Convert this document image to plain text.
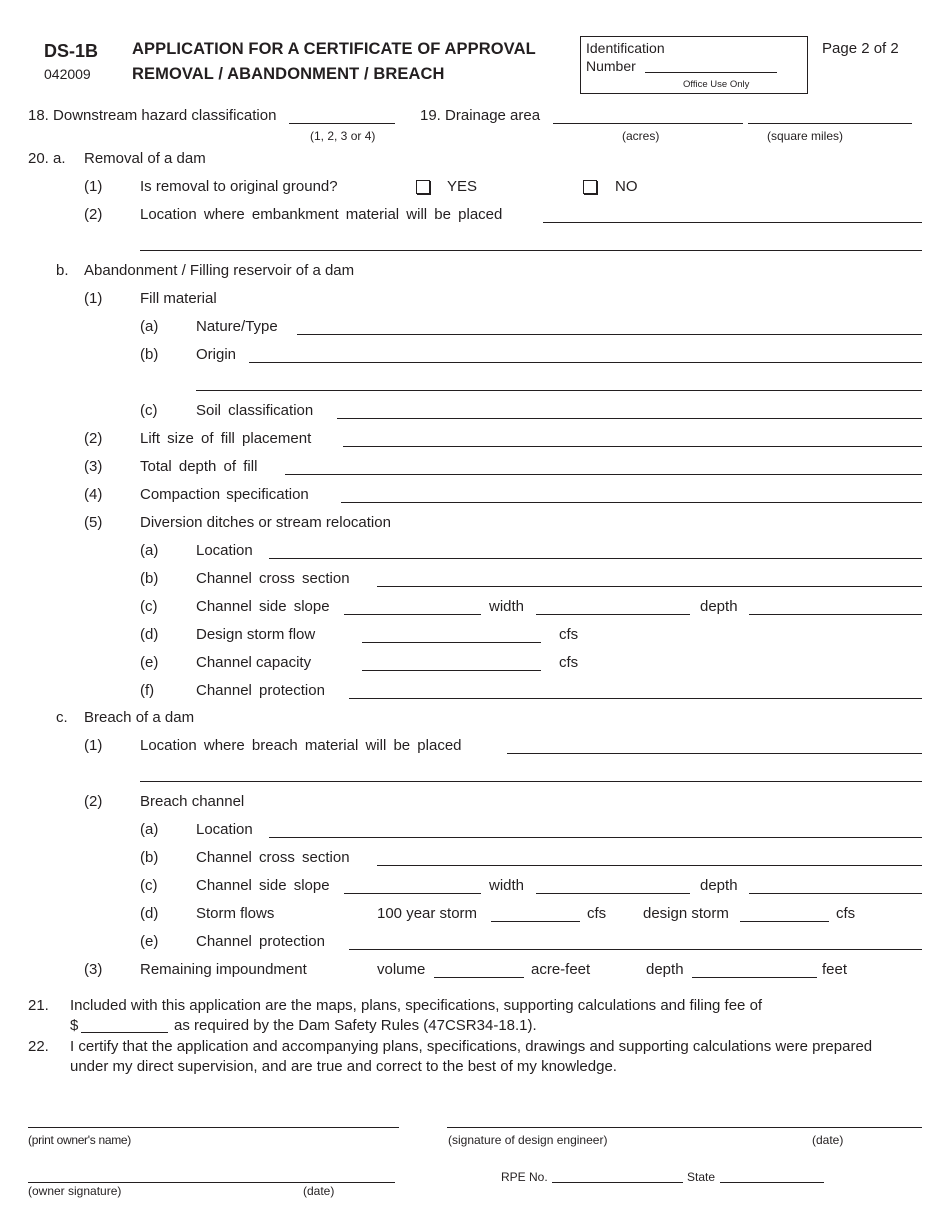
DS-1B
042009
APPLICATION FOR A CERTIFICATE OF APPROVAL
REMOVAL / ABANDONMENT / BREACH
Identification
Number
Office Use Only
Page 2 of 2
18. Downstream hazard classification
(1, 2, 3 or 4)
19. Drainage area
(acres)	(square miles)
20. a. Removal of a dam
(1)	Is removal to original ground?	YES	NO
(2)	Location where embankment material will be placed
b. Abandonment / Filling reservoir of a dam
(1)	Fill material
(a)	Nature/Type
(b)	Origin
(c)	Soil classification
(2)	Lift size of fill placement
(3)	Total depth of fill
(4)	Compaction specification
(5)	Diversion ditches or stream relocation
(a)	Location
(b)	Channel cross section
(c)	Channel side slope	width	depth
(d)	Design storm flow	cfs
(e)	Channel capacity	cfs
(f)	Channel protection
c. Breach of a dam
(1)	Location where breach material will be placed
(2)	Breach channel
(a)	Location
(b)	Channel cross section
(c)	Channel side slope	width	depth
(d)	Storm flows	100 year storm	cfs design storm	cfs
(e)	Channel protection
(3)	Remaining impoundment	volume	acre-feet	depth	feet
21. Included with this application are the maps, plans, specifications, supporting calculations and filing fee of
$	as required by the Dam Safety Rules (47CSR34-18.1).
22. I certify that the application and accompanying plans, specifications, drawings and supporting calculations were prepared
under my direct supervision, and are true and correct to the best of my knowledge.
(print owner's name)	(signature of design engineer)	(date)
(owner signature)	(date)
RPE No.	State
